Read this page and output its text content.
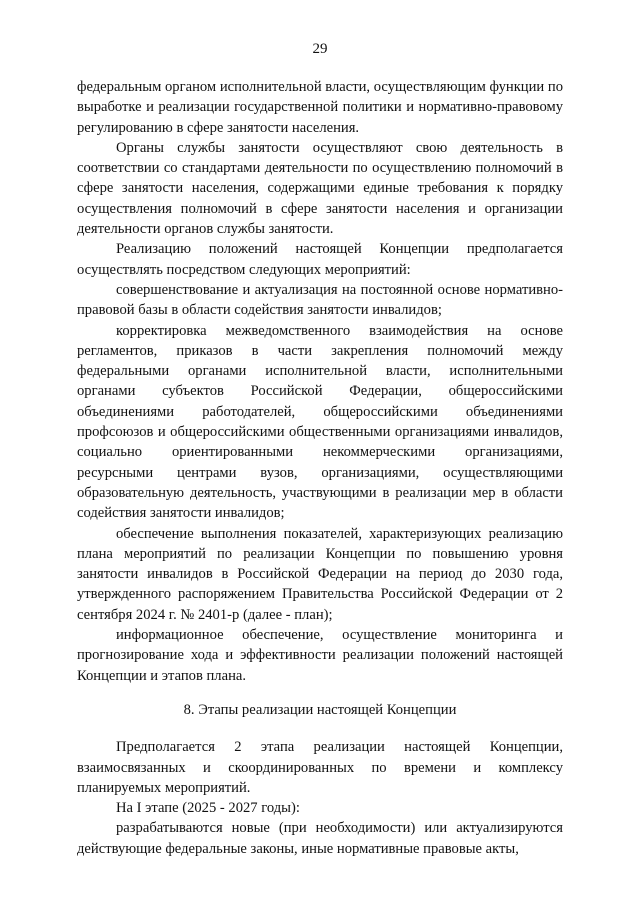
29

федеральным органом исполнительной власти, осуществляющим функции по выработке и реализации государственной политики и нормативно-правовому регулированию в сфере занятости населения.

Органы службы занятости осуществляют свою деятельность в соответствии со стандартами деятельности по осуществлению полномочий в сфере занятости населения, содержащими единые требования к порядку осуществления полномочий в сфере занятости населения и организации деятельности органов службы занятости.

Реализацию положений настоящей Концепции предполагается осуществлять посредством следующих мероприятий:

совершенствование и актуализация на постоянной основе нормативно-правовой базы в области содействия занятости инвалидов;

корректировка межведомственного взаимодействия на основе регламентов, приказов в части закрепления полномочий между федеральными органами исполнительной власти, исполнительными органами субъектов Российской Федерации, общероссийскими объединениями работодателей, общероссийскими объединениями профсоюзов и общероссийскими общественными организациями инвалидов, социально ориентированными некоммерческими организациями, ресурсными центрами вузов, организациями, осуществляющими образовательную деятельность, участвующими в реализации мер в области содействия занятости инвалидов;

обеспечение выполнения показателей, характеризующих реализацию плана мероприятий по реализации Концепции по повышению уровня занятости инвалидов в Российской Федерации на период до 2030 года, утвержденного распоряжением Правительства Российской Федерации от 2 сентября 2024 г. № 2401-р (далее - план);

информационное обеспечение, осуществление мониторинга и прогнозирование хода и эффективности реализации положений настоящей Концепции и этапов плана.

8. Этапы реализации настоящей Концепции

Предполагается 2 этапа реализации настоящей Концепции, взаимосвязанных и скоординированных по времени и комплексу планируемых мероприятий.

На I этапе (2025 - 2027 годы):

разрабатываются новые (при необходимости) или актуализируются действующие федеральные законы, иные нормативные правовые акты,
